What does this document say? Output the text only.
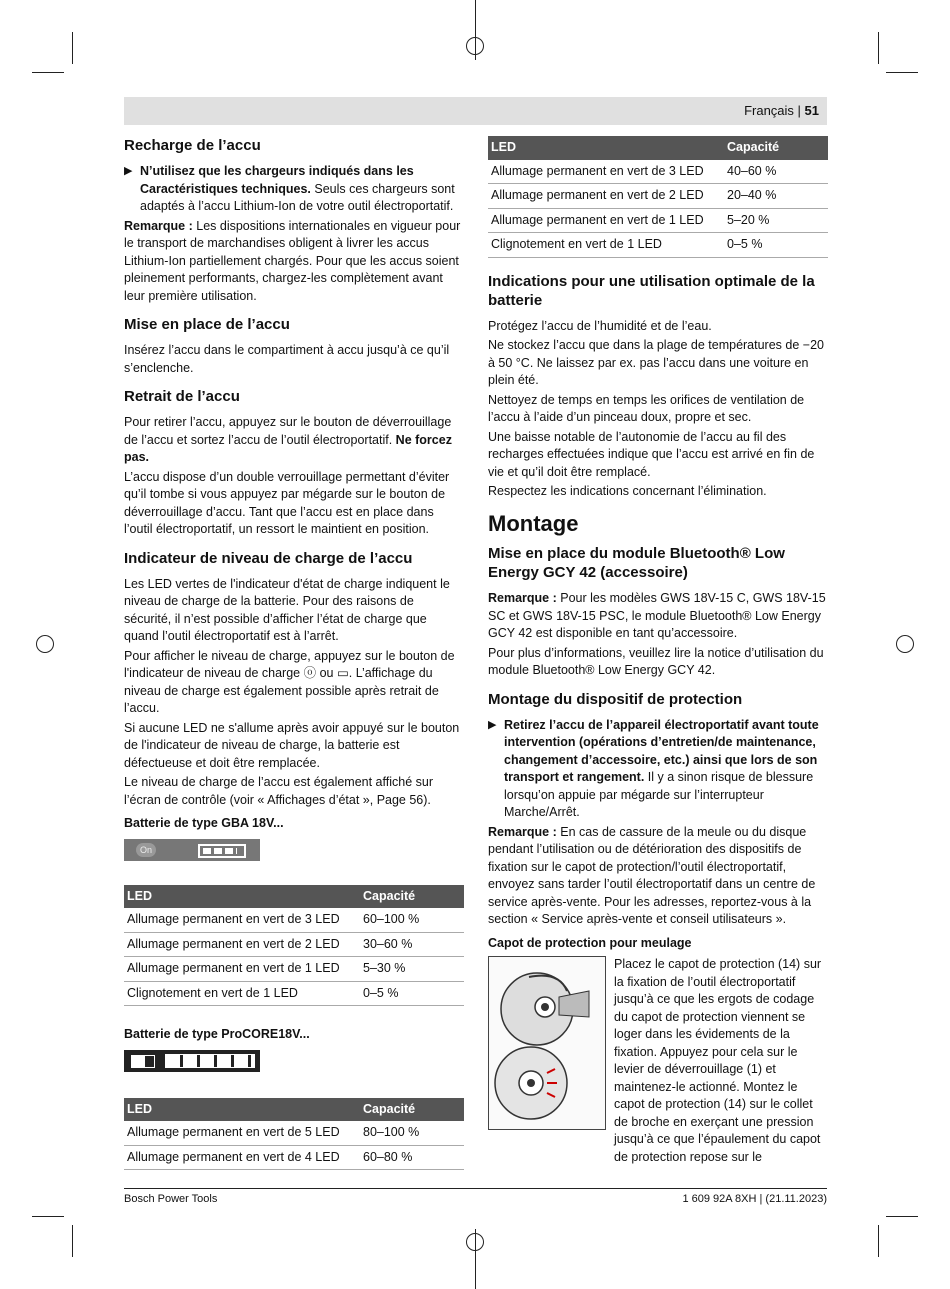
Français | 51
Recharge de l’accu
▶ N’utilisez que les chargeurs indiqués dans les Caractéristiques techniques. Seuls ces chargeurs sont adaptés à l’accu Lithium-Ion de votre outil électroportatif.

Remarque : Les dispositions internationales en vigueur pour le transport de marchandises obligent à livrer les accus Lithium-Ion partiellement chargés. Pour que les accus soient pleinement performants, chargez-les complètement avant leur première utilisation.

Mise en place de l’accu

Insérez l’accu dans le compartiment à accu jusqu’à ce qu’il s’enclenche.

Retrait de l’accu

Pour retirer l’accu, appuyez sur le bouton de déverrouillage de l’accu et sortez l’accu de l’outil électroportatif. Ne forcez pas.

L’accu dispose d’un double verrouillage permettant d’éviter qu’il tombe si vous appuyez par mégarde sur le bouton de déverrouillage d’accu. Tant que l’accu est en place dans l’outil électroportatif, un ressort le maintient en position.

Indicateur de niveau de charge de l’accu

Les LED vertes de l'indicateur d'état de charge indiquent le niveau de charge de la batterie. Pour des raisons de sécurité, il n’est possible d’afficher l’état de charge que quand l’outil électroportatif est à l’arrêt.

Pour afficher le niveau de charge, appuyez sur le bouton de l'indicateur de niveau de charge ⓞ ou ▭. L’affichage du niveau de charge est également possible après retrait de l’accu.

Si aucune LED ne s'allume après avoir appuyé sur le bouton de l'indicateur de niveau de charge, la batterie est défectueuse et doit être remplacée.

Le niveau de charge de l’accu est également affiché sur l’écran de contrôle (voir « Affichages d’état », Page 56).

Batterie de type GBA 18V...
On
LED	Capacité
Allumage permanent en vert de 3 LED	60–100 %
Allumage permanent en vert de 2 LED	30–60 %
Allumage permanent en vert de 1 LED	5–30 %
Clignotement en vert de 1 LED	0–5 %
Batterie de type ProCORE18V...
LED	Capacité
Allumage permanent en vert de 5 LED	80–100 %
Allumage permanent en vert de 4 LED	60–80 %
LED	Capacité
Allumage permanent en vert de 3 LED	40–60 %
Allumage permanent en vert de 2 LED	20–40 %
Allumage permanent en vert de 1 LED	5–20 %
Clignotement en vert de 1 LED	0–5 %
Indications pour une utilisation optimale de la batterie

Protégez l’accu de l’humidité et de l’eau.

Ne stockez l’accu que dans la plage de températures de −20 à 50 °C. Ne laissez par ex. pas l’accu dans une voiture en plein été.

Nettoyez de temps en temps les orifices de ventilation de l’accu à l’aide d’un pinceau doux, propre et sec.

Une baisse notable de l’autonomie de l’accu au fil des recharges effectuées indique que l’accu est arrivé en fin de vie et qu’il doit être remplacé.

Respectez les indications concernant l’élimination.

Montage
Mise en place du module Bluetooth® Low Energy GCY 42 (accessoire)

Remarque : Pour les modèles GWS 18V-15 C, GWS 18V-15 SC et GWS 18V-15 PSC, le module Bluetooth® Low Energy GCY 42 est disponible en tant qu’accessoire.

Pour plus d’informations, veuillez lire la notice d’utilisation du module Bluetooth® Low Energy GCY 42.

Montage du dispositif de protection
▶ Retirez l’accu de l’appareil électroportatif avant toute intervention (opérations d’entretien/de maintenance, changement d’accessoire, etc.) ainsi que lors de son transport et rangement. Il y a sinon risque de blessure lorsqu’on appuie par mégarde sur l’interrupteur Marche/Arrêt.

Remarque : En cas de cassure de la meule ou du disque pendant l’utilisation ou de détérioration des dispositifs de fixation sur le capot de protection/l’outil électroportatif, envoyez sans tarder l’outil électroportatif dans un centre de service après-vente. Pour les adresses, reportez-vous à la section « Service après-vente et conseil utilisateurs ».

Capot de protection pour meulage
Placez le capot de protection (14) sur la fixation de l’outil électroportatif jusqu’à ce que les ergots de codage du capot de protection viennent se loger dans les évidements de la fixation. Appuyez pour cela sur le levier de déverrouillage (1) et maintenez-le actionné. Montez le capot de protection (14) sur le collet de broche en exerçant une pression jusqu’à ce que l’épaulement du capot de protection repose sur le
Bosch Power Tools	1 609 92A 8XH | (21.11.2023)
